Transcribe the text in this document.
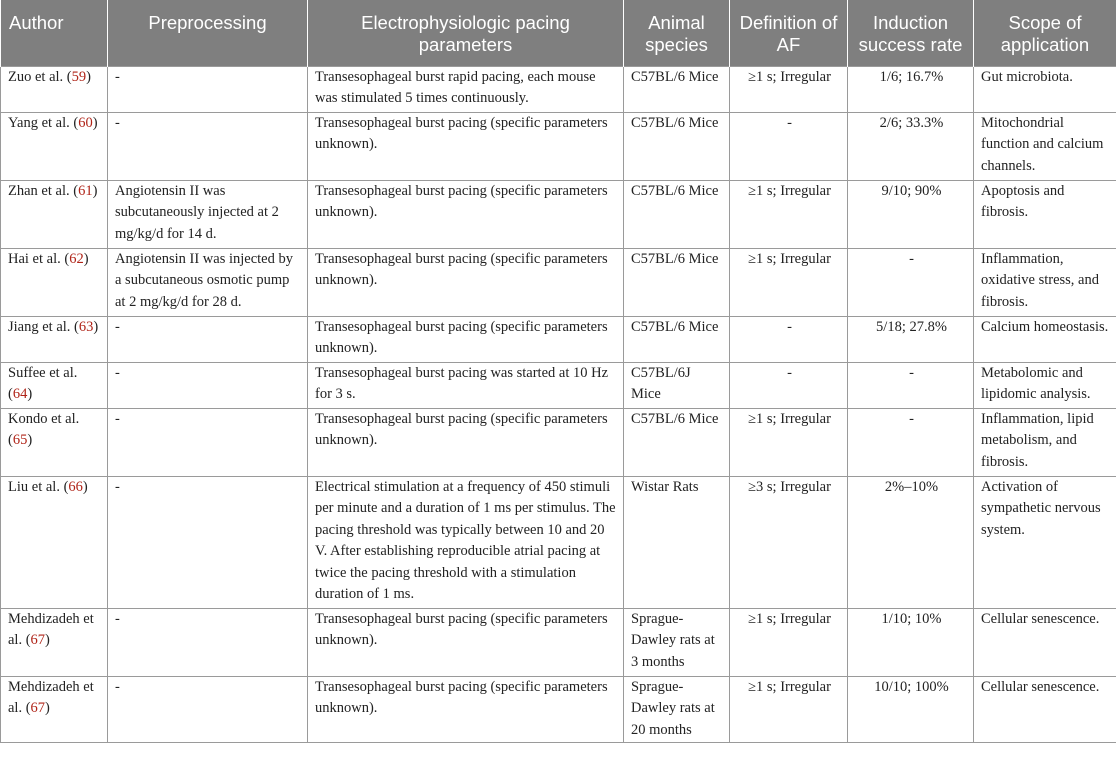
Author	Preprocessing	Electrophysiologic pacing parameters	Animal species	Definition of AF	Induction success rate	Scope of application
Zuo et al. (59)	-	Transesophageal burst rapid pacing, each mouse was stimulated 5 times continuously.	C57BL/6 Mice	≥1 s; Irregular	1/6; 16.7%	Gut microbiota.
Yang et al. (60)	-	Transesophageal burst pacing (specific parameters unknown).	C57BL/6 Mice	-	2/6; 33.3%	Mitochondrial function and calcium channels.
Zhan et al. (61)	Angiotensin II was subcutaneously injected at 2 mg/kg/d for 14 d.	Transesophageal burst pacing (specific parameters unknown).	C57BL/6 Mice	≥1 s; Irregular	9/10; 90%	Apoptosis and fibrosis.
Hai et al. (62)	Angiotensin II was injected by a subcutaneous osmotic pump at 2 mg/kg/d for 28 d.	Transesophageal burst pacing (specific parameters unknown).	C57BL/6 Mice	≥1 s; Irregular	-	Inflammation, oxidative stress, and fibrosis.
Jiang et al. (63)	-	Transesophageal burst pacing (specific parameters unknown).	C57BL/6 Mice	-	5/18; 27.8%	Calcium homeostasis.
Suffee et al. (64)	-	Transesophageal burst pacing was started at 10 Hz for 3 s.	C57BL/6J Mice	-	-	Metabolomic and lipidomic analysis.
Kondo et al. (65)	-	Transesophageal burst pacing (specific parameters unknown).	C57BL/6 Mice	≥1 s; Irregular	-	Inflammation, lipid metabolism, and fibrosis.
Liu et al. (66)	-	Electrical stimulation at a frequency of 450 stimuli per minute and a duration of 1 ms per stimulus. The pacing threshold was typically between 10 and 20 V. After establishing reproducible atrial pacing at twice the pacing threshold with a stimulation duration of 1 ms.	Wistar Rats	≥3 s; Irregular	2%–10%	Activation of sympathetic nervous system.
Mehdizadeh et al. (67)	-	Transesophageal burst pacing (specific parameters unknown).	Sprague-Dawley rats at 3 months	≥1 s; Irregular	1/10; 10%	Cellular senescence.
Mehdizadeh et al. (67)	-	Transesophageal burst pacing (specific parameters unknown).	Sprague-Dawley rats at 20 months	≥1 s; Irregular	10/10; 100%	Cellular senescence.
